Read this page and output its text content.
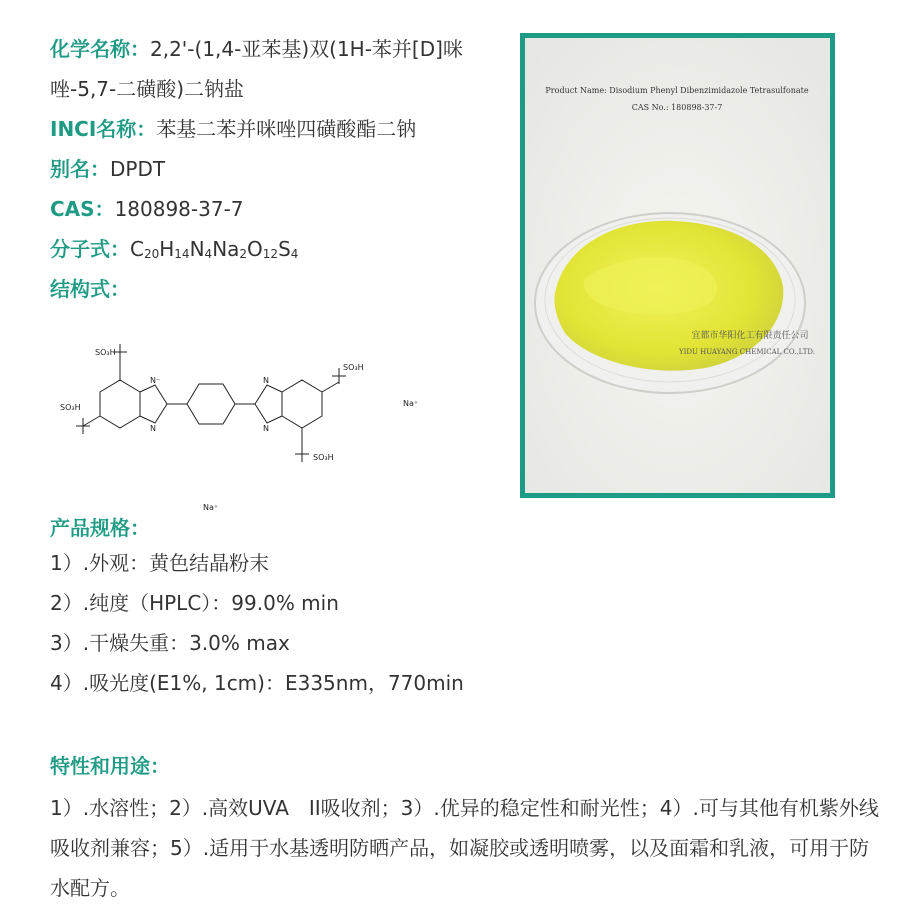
化学名称：2,2'-(1,4-亚苯基)双(1H-苯并[D]咪
唑-5,7-二磺酸)二钠盐
INCI名称：苯基二苯并咪唑四磺酸酯二钠
别名：DPDT
CAS：180898-37-7
分子式：$C_{20}H_{14}N_4Na_2O_{12}S_4$
结构式：
SO₃H
SO₃H
SO₃H
SO₃H
N⁻
N
N
N
Na⁺
Na⁺
Product Name: Disodium Phenyl Dibenzimidazole Tetrasulfonate
CAS No.: 180898-37-7
宜都市华阳化工有限责任公司
YIDU HUAYANG CHEMICAL CO.,LTD.
产品规格：
1）.外观：黄色结晶粉末
2）.纯度（HPLC）：99.0% min
3）.干燥失重：3.0% max
4）.吸光度(E1%, 1cm)：E335nm，770min
特性和用途：
1）.水溶性；2）.高效UVA　II吸收剂；3）.优异的稳定性和耐光性；4）.可与其他有机紫外线吸收剂兼容；5）.适用于水基透明防晒产品，如凝胶或透明喷雾，以及面霜和乳液，可用于防水配方。
